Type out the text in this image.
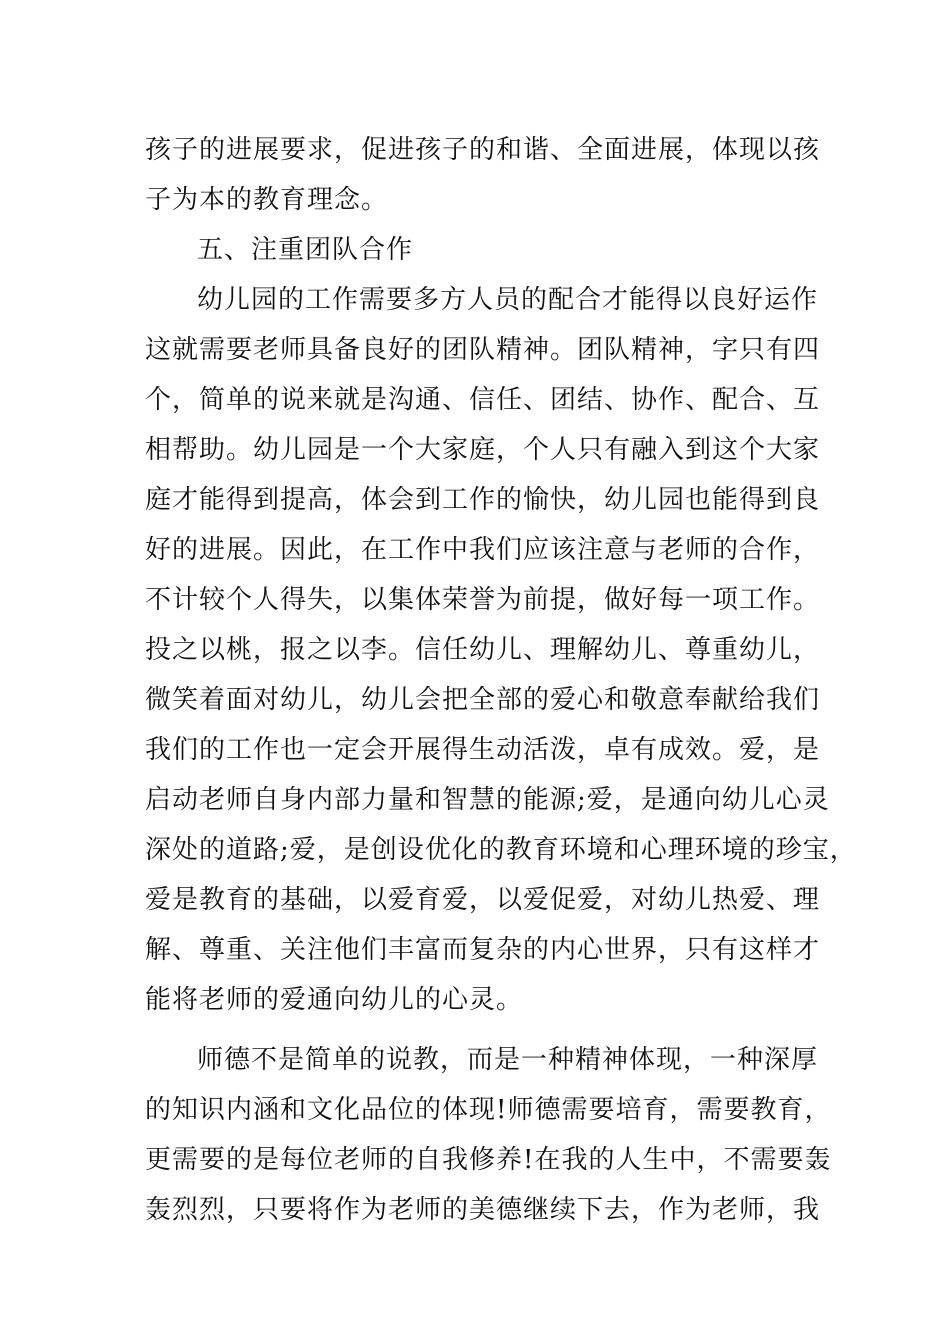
孩子的进展要求，促进孩子的和谐、全面进展，体现以孩
子为本的教育理念。
五、注重团队合作
幼儿园的工作需要多方人员的配合才能得以良好运作
这就需要老师具备良好的团队精神。团队精神，字只有四
个，简单的说来就是沟通、信任、团结、协作、配合、互
相帮助。幼儿园是一个大家庭，个人只有融入到这个大家
庭才能得到提高，体会到工作的愉快，幼儿园也能得到良
好的进展。因此，在工作中我们应该注意与老师的合作，
不计较个人得失，以集体荣誉为前提，做好每一项工作。
投之以桃，报之以李。信任幼儿、理解幼儿、尊重幼儿，
微笑着面对幼儿，幼儿会把全部的爱心和敬意奉献给我们
我们的工作也一定会开展得生动活泼，卓有成效。爱，是
启动老师自身内部力量和智慧的能源;爱，是通向幼儿心灵
深处的道路;爱，是创设优化的教育环境和心理环境的珍宝，
爱是教育的基础，以爱育爱，以爱促爱，对幼儿热爱、理
解、尊重、关注他们丰富而复杂的内心世界，只有这样才
能将老师的爱通向幼儿的心灵。
师德不是简单的说教，而是一种精神体现，一种深厚
的知识内涵和文化品位的体现!师德需要培育，需要教育，
更需要的是每位老师的自我修养!在我的人生中，不需要轰
轰烈烈，只要将作为老师的美德继续下去，作为老师，我
